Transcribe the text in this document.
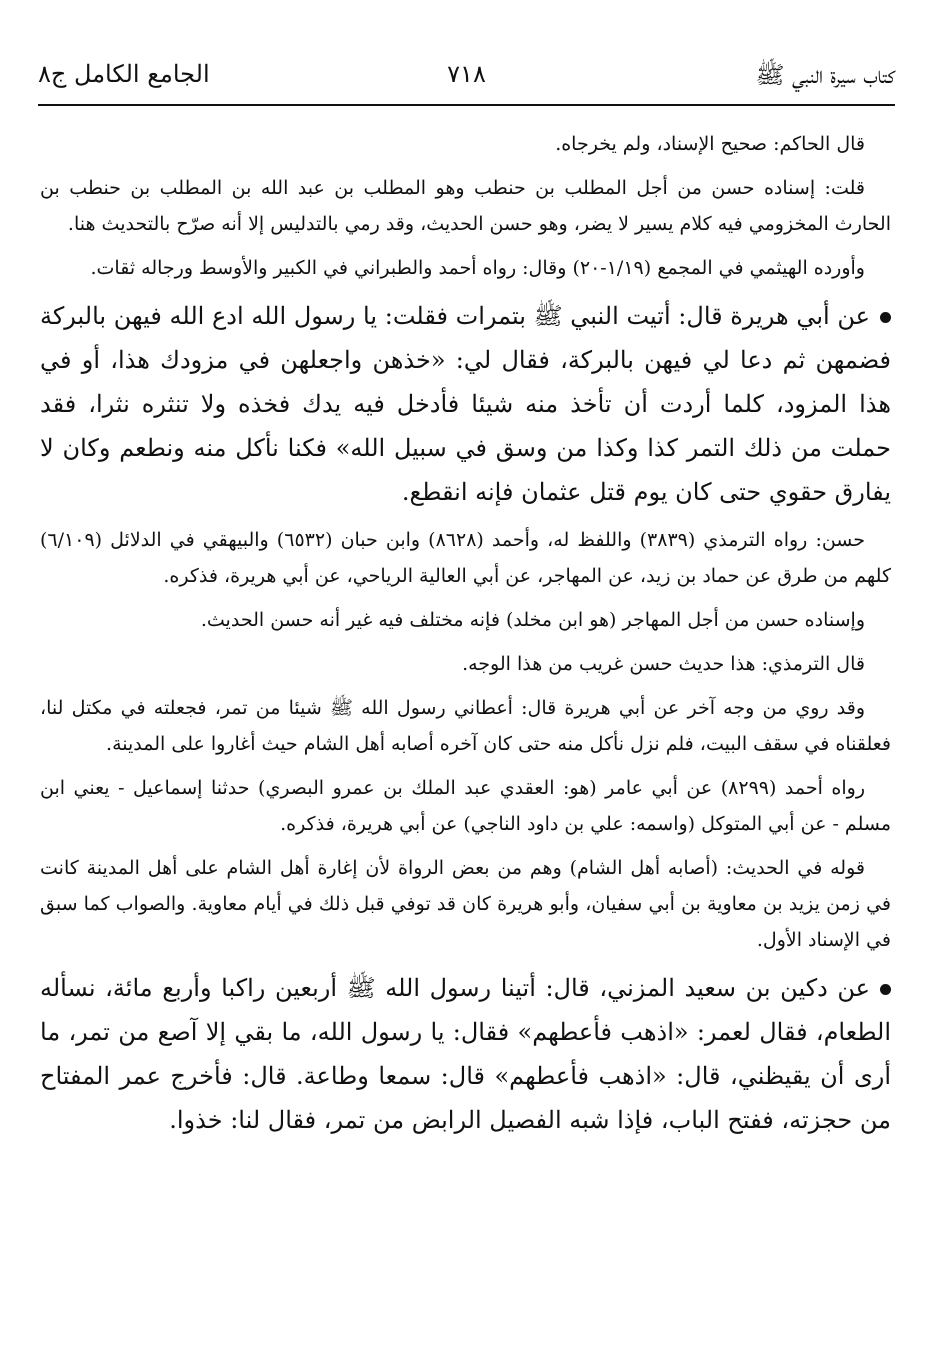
كتاب سيرة النبي ﷺ
٧١٨
الجامع الكامل ج٨

قال الحاكم: صحيح الإسناد، ولم يخرجاه.

قلت: إسناده حسن من أجل المطلب بن حنطب وهو المطلب بن عبد الله بن المطلب بن حنطب بن الحارث المخزومي فيه كلام يسير لا يضر، وهو حسن الحديث، وقد رمي بالتدليس إلا أنه صرّح بالتحديث هنا.

وأورده الهيثمي في المجمع (١/١٩-٢٠) وقال: رواه أحمد والطبراني في الكبير والأوسط ورجاله ثقات.

عن أبي هريرة قال: أتيت النبي ﷺ بتمرات فقلت: يا رسول الله ادع الله فيهن بالبركة فضمهن ثم دعا لي فيهن بالبركة، فقال لي: «خذهن واجعلهن في مزودك هذا، أو في هذا المزود، كلما أردت أن تأخذ منه شيئا فأدخل فيه يدك فخذه ولا تنثره نثرا، فقد حملت من ذلك التمر كذا وكذا من وسق في سبيل الله» فكنا نأكل منه ونطعم وكان لا يفارق حقوي حتى كان يوم قتل عثمان فإنه انقطع.

حسن: رواه الترمذي (٣٨٣٩) واللفظ له، وأحمد (٨٦٢٨) وابن حبان (٦٥٣٢) والبيهقي في الدلائل (٦/١٠٩) كلهم من طرق عن حماد بن زيد، عن المهاجر، عن أبي العالية الرياحي، عن أبي هريرة، فذكره.

وإسناده حسن من أجل المهاجر (هو ابن مخلد) فإنه مختلف فيه غير أنه حسن الحديث.

قال الترمذي: هذا حديث حسن غريب من هذا الوجه.

وقد روي من وجه آخر عن أبي هريرة قال: أعطاني رسول الله ﷺ شيئا من تمر، فجعلته في مكتل لنا، فعلقناه في سقف البيت، فلم نزل نأكل منه حتى كان آخره أصابه أهل الشام حيث أغاروا على المدينة.

رواه أحمد (٨٢٩٩) عن أبي عامر (هو: العقدي عبد الملك بن عمرو البصري) حدثنا إسماعيل - يعني ابن مسلم - عن أبي المتوكل (واسمه: علي بن داود الناجي) عن أبي هريرة، فذكره.

قوله في الحديث: (أصابه أهل الشام) وهم من بعض الرواة لأن إغارة أهل الشام على أهل المدينة كانت في زمن يزيد بن معاوية بن أبي سفيان، وأبو هريرة كان قد توفي قبل ذلك في أيام معاوية. والصواب كما سبق في الإسناد الأول.

عن دكين بن سعيد المزني، قال: أتينا رسول الله ﷺ أربعين راكبا وأربع مائة، نسأله الطعام، فقال لعمر: «اذهب فأعطهم» فقال: يا رسول الله، ما بقي إلا آصع من تمر، ما أرى أن يقيظني، قال: «اذهب فأعطهم» قال: سمعا وطاعة. قال: فأخرج عمر المفتاح من حجزته، ففتح الباب، فإذا شبه الفصيل الرابض من تمر، فقال لنا: خذوا.
